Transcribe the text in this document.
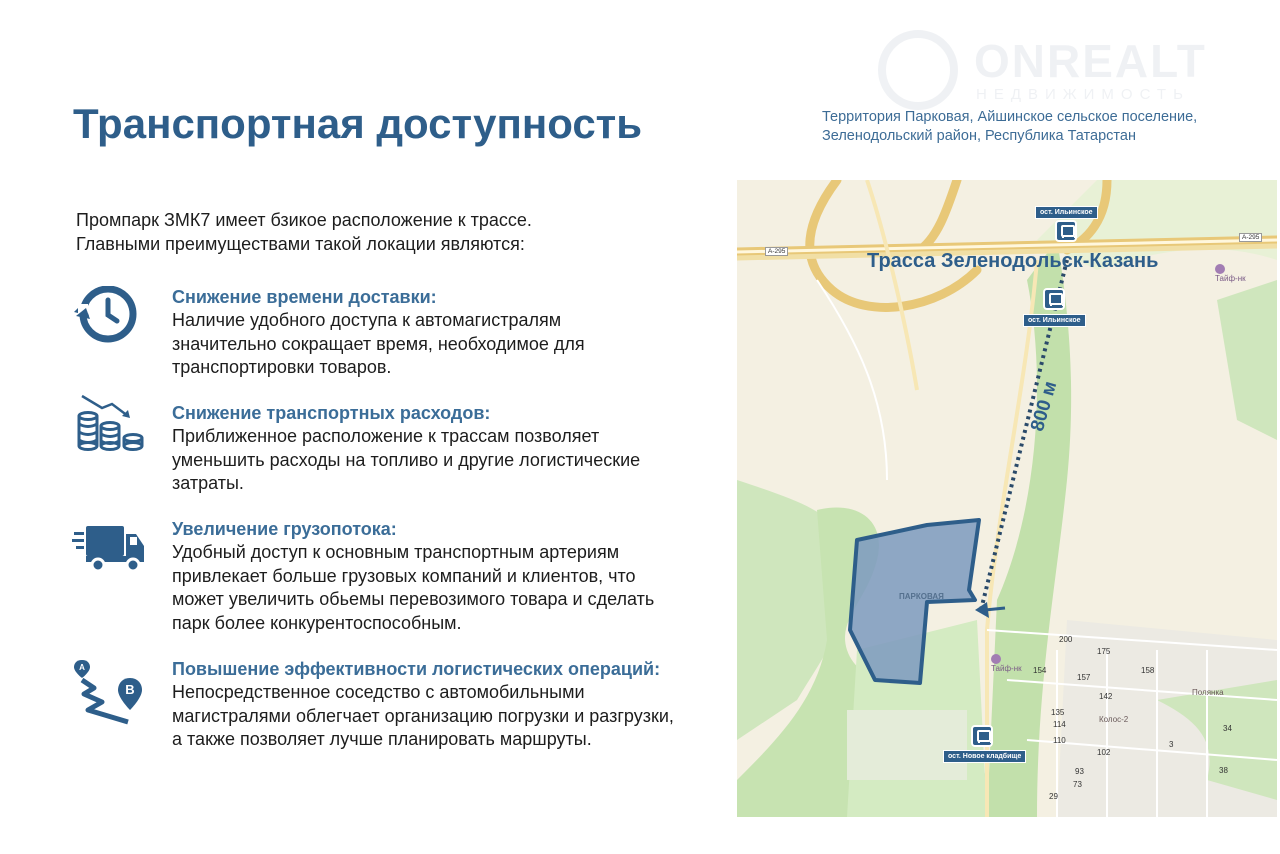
ONREALT
НЕДВИЖИМОСТЬ
Транспортная доступность	Территория Парковая, Айшинское сельское поселение,
Зеленодольский район, Республика Татарстан
Промпарк ЗМК7 имеет бзикое расположение к трассе.
Главными преимуществами такой локации являются:
Снижение времени доставки:
Наличие удобного доступа к автомагистралям
значительно сокращает время, необходимое для
транспортировки товаров.
Снижение транспортных расходов:
Приближенное расположение к трассам позволяет
уменьшить расходы на топливо и другие логистические
затраты.
Увеличение грузопотока:
Удобный доступ к основным транспортным артериям
привлекает больше грузовых компаний и клиентов, что
может увеличить обьемы перевозимого товара и сделать
парк более конкурентоспособным.
A
B
Повышение эффективности логистических операций:
Непосредственное соседство с автомобильными
магистралями облегчает организацию погрузки и разгрузки,
а также позволяет лучше планировать маршруты.
Трасса Зеленодольск-Казань
800 м
ПАРКОВАЯ
ост. Ильинское
ост. Ильинское
ост. Новое кладбище

Тайф-нк

Тайф-нк
А-295
А-295
Полянка
Колос-2
200
175
154
157
158
142
135
114
110
102
93
73
34
38
3
29
